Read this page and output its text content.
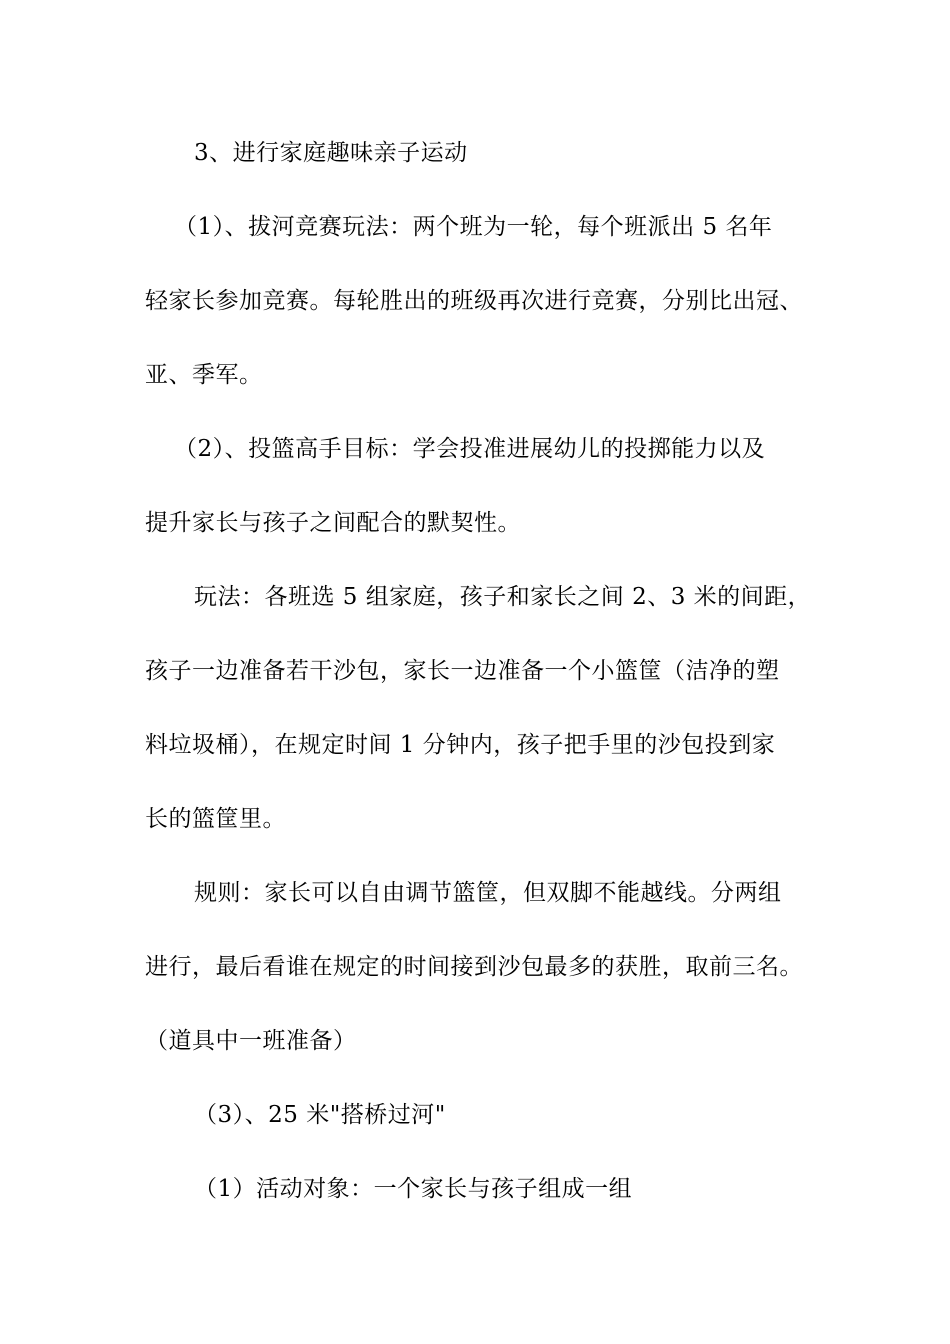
3、进行家庭趣味亲子运动
（1）、拔河竞赛玩法：两个班为一轮，每个班派出 5 名年
轻家长参加竞赛。每轮胜出的班级再次进行竞赛，分别比出冠、
亚、季军。
（2）、投篮高手目标：学会投准进展幼儿的投掷能力以及
提升家长与孩子之间配合的默契性。
玩法：各班选 5 组家庭，孩子和家长之间 2、3 米的间距，
孩子一边准备若干沙包，家长一边准备一个小篮筐（洁净的塑
料垃圾桶），在规定时间 1 分钟内，孩子把手里的沙包投到家
长的篮筐里。
规则：家长可以自由调节篮筐，但双脚不能越线。分两组
进行，最后看谁在规定的时间接到沙包最多的获胜，取前三名。
（道具中一班准备）
（3）、25 米"搭桥过河"
（1）活动对象：一个家长与孩子组成一组
